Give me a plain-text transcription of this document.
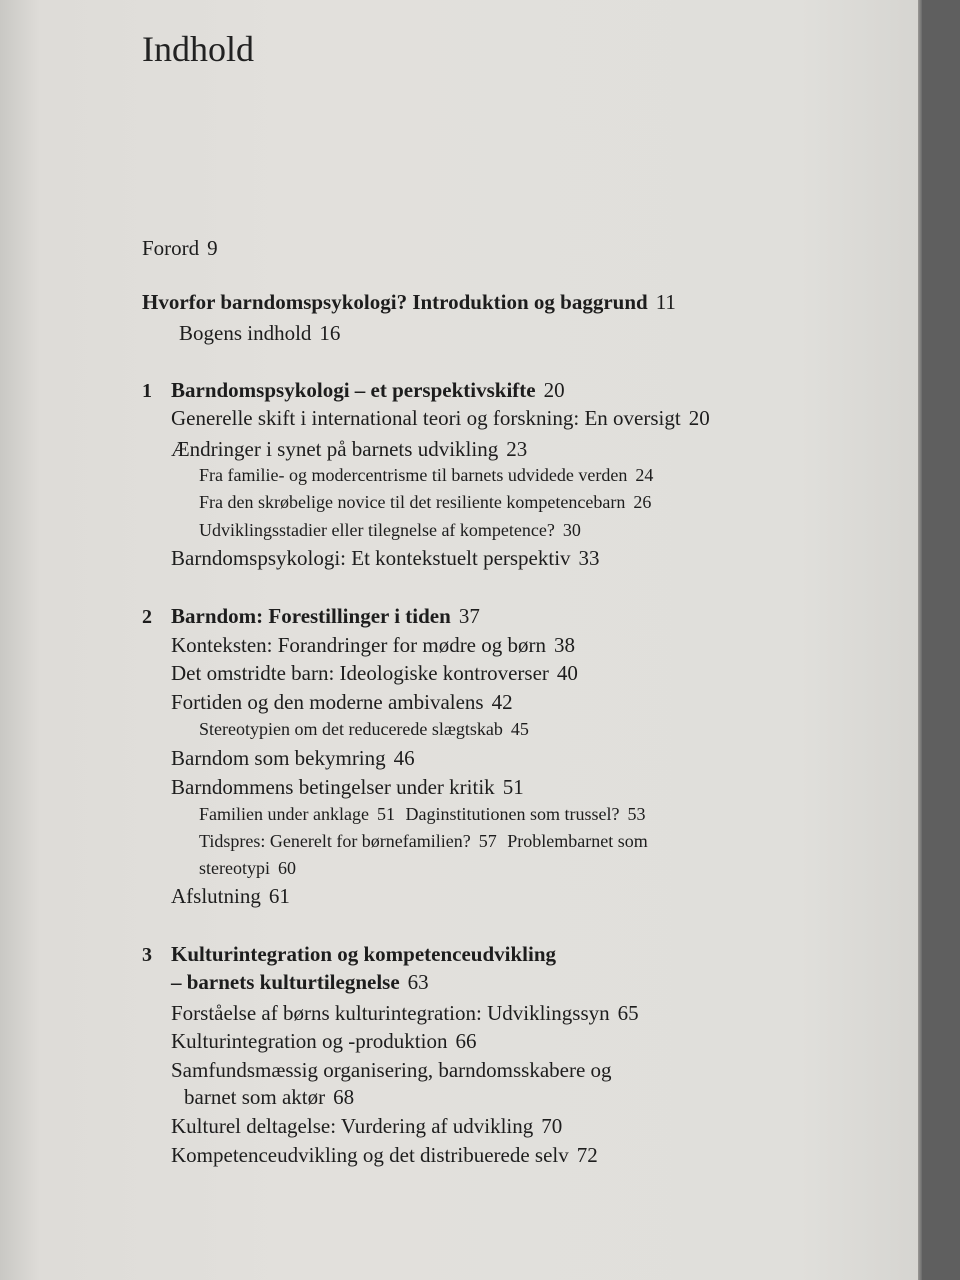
Indhold
Forord 9
Hvorfor barndomspsykologi? Introduktion og baggrund 11
Bogens indhold 16
1 Barndomspsykologi – et perspektivskifte 20
Generelle skift i international teori og forskning: En oversigt 20
Ændringer i synet på barnets udvikling 23
Fra familie- og modercentrisme til barnets udvidede verden 24
Fra den skrøbelige novice til det resiliente kompetencebarn 26
Udviklingsstadier eller tilegnelse af kompetence? 30
Barndomspsykologi: Et kontekstuelt perspektiv 33
2 Barndom: Forestillinger i tiden 37
Konteksten: Forandringer for mødre og børn 38
Det omstridte barn: Ideologiske kontroverser 40
Fortiden og den moderne ambivalens 42
Stereotypien om det reducerede slægtskab 45
Barndom som bekymring 46
Barndommens betingelser under kritik 51
Familien under anklage 51 Daginstitutionen som trussel? 53
Tidspres: Generelt for børnefamilien? 57 Problembarnet som
stereotypi 60
Afslutning 61
3 Kulturintegration og kompetenceudvikling
– barnets kulturtilegnelse 63
Forståelse af børns kulturintegration: Udviklingssyn 65
Kulturintegration og -produktion 66
Samfundsmæssig organisering, barndomsskabere og
barnet som aktør 68
Kulturel deltagelse: Vurdering af udvikling 70
Kompetenceudvikling og det distribuerede selv 72
